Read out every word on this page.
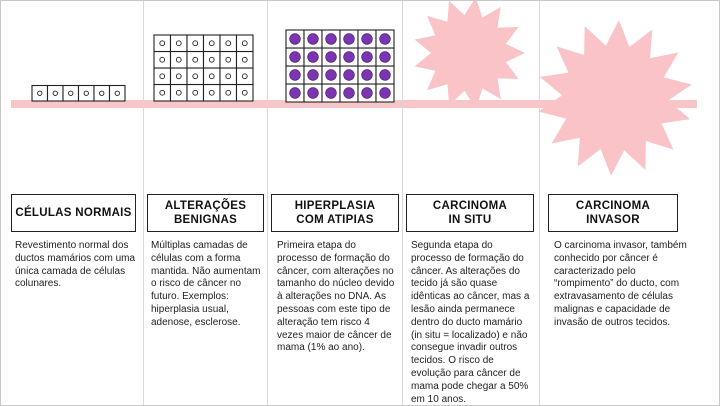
CÉLULAS NORMAIS
Revestimento normal dos ductos mamários com uma única camada de células colunares.
ALTERAÇÕES
BENIGNAS
Múltiplas camadas de células com a forma mantida. Não aumentam o risco de câncer no futuro. Exemplos: hiperplasia usual, adenose, esclerose.
HIPERPLASIA
COM ATIPIAS
Primeira etapa do processo de formação do câncer, com alterações no tamanho do núcleo devido à alterações no DNA. As pessoas com este tipo de alteração tem risco 4 vezes maior de câncer de mama (1% ao ano).
CARCINOMA
IN SITU
Segunda etapa do processo de formação do câncer. As alterações do tecido já são quase idênticas ao câncer, mas a lesão ainda permanece dentro do ducto mamário (in situ = localizado) e não consegue invadir outros tecidos. O risco de evolução para câncer de mama pode chegar a 50% em 10 anos.
CARCINOMA
INVASOR
O carcinoma invasor, também conhecido por câncer é caracterizado pelo “rompimento” do ducto, com extravasamento de células malignas e capacidade de invasão de outros tecidos.
